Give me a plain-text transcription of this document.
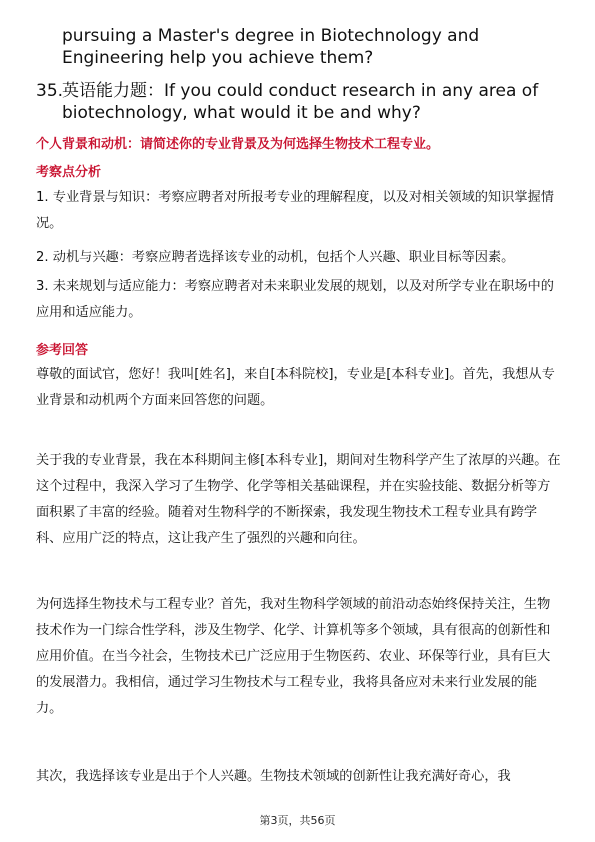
pursuing a Master's degree in Biotechnology and Engineering help you achieve them?

35.
英语能力题：If you could conduct research in any area of biotechnology, what would it be and why?

个人背景和动机：请简述你的专业背景及为何选择生物技术工程专业。

考察点分析

1. 专业背景与知识：考察应聘者对所报考专业的理解程度，以及对相关领域的知识掌握情况。

2. 动机与兴趣：考察应聘者选择该专业的动机，包括个人兴趣、职业目标等因素。

3. 未来规划与适应能力：考察应聘者对未来职业发展的规划，以及对所学专业在职场中的应用和适应能力。

参考回答

尊敬的面试官，您好！我叫[姓名]，来自[本科院校]，专业是[本科专业]。首先，我想从专业背景和动机两个方面来回答您的问题。

关于我的专业背景，我在本科期间主修[本科专业]，期间对生物科学产生了浓厚的兴趣。在这个过程中，我深入学习了生物学、化学等相关基础课程，并在实验技能、数据分析等方面积累了丰富的经验。随着对生物科学的不断探索，我发现生物技术工程专业具有跨学科、应用广泛的特点，这让我产生了强烈的兴趣和向往。

为何选择生物技术与工程专业？首先，我对生物科学领域的前沿动态始终保持关注，生物技术作为一门综合性学科，涉及生物学、化学、计算机等多个领域，具有很高的创新性和应用价值。在当今社会，生物技术已广泛应用于生物医药、农业、环保等行业，具有巨大的发展潜力。我相信，通过学习生物技术与工程专业，我将具备应对未来行业发展的能力。

其次，我选择该专业是出于个人兴趣。生物技术领域的创新性让我充满好奇心，我

第3页，共56页
